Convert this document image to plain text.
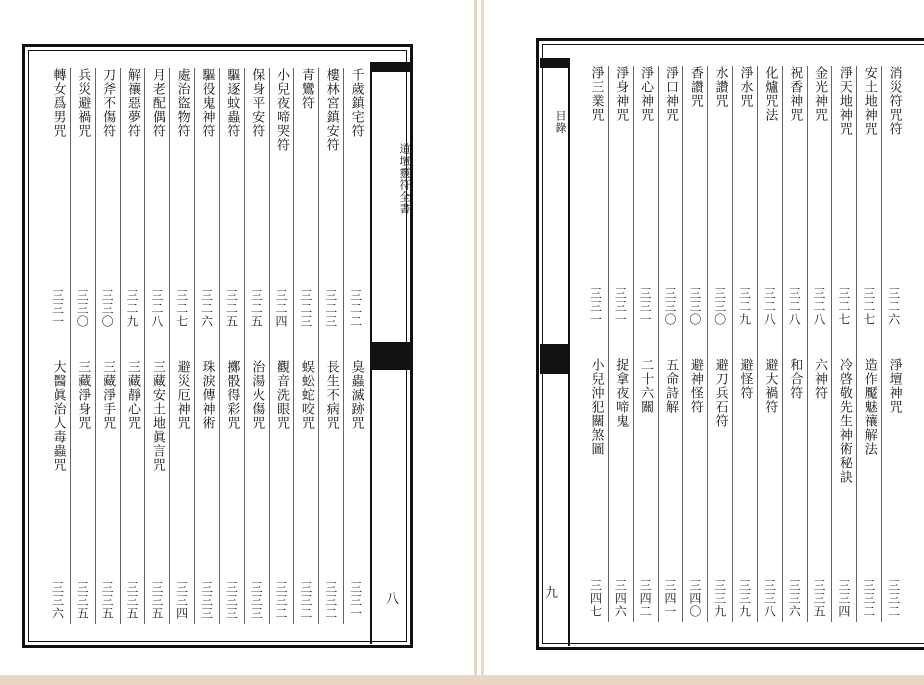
千歲鎮宅符
三二二
臭蟲滅跡咒
三三一
樓林宮鎮安符
三二三
長生不病咒
三三二
青鸞符
三二三
蜈蚣蛇咬咒
三三二
小兒夜啼哭符
三二四
觀音洗眼咒
三三二
保身平安符
三二五
治湯火傷咒
三三三
驅逐蚊蟲符
三二五
擲骰得彩咒
三三三
驅役鬼神符
三二六
珠淚傳神術
三三三
處治盜物符
三二七
避災厄神咒
三三四
月老配偶符
三二八
三藏安土地眞言咒
三三五
解禳惡夢符
三二九
三藏靜心咒
三三五
刀斧不傷符
三三〇
三藏淨手咒
三三五
兵災避禍咒
三三〇
三藏淨身咒
三三五
轉女爲男咒
三三一
大醫眞治人毒蟲咒
三三六
道壇靈符全書
八
目錄
九
消災符咒符
三二六
淨壇神咒
三三二
安土地神咒
三二七
造作魘魅禳解法
三三二
淨天地神咒
三二七
冷啓敬先生神術秘訣
三三四
金光神咒
三二八
六神符
三三五
祝香神咒
三二八
和合符
三三六
化爐咒法
三二八
避大禍符
三三八
淨水咒
三二九
避怪符
三三九
水讚咒
三三〇
避刀兵石符
三三九
香讚咒
三三〇
避神怪符
三四〇
淨口神咒
三三〇
五命詩解
三四一
淨心神咒
三三一
二十六關
三四二
淨身神咒
三三一
捉拿夜啼鬼
三四六
淨三業咒
三三一
小兒沖犯關煞圖
三四七
